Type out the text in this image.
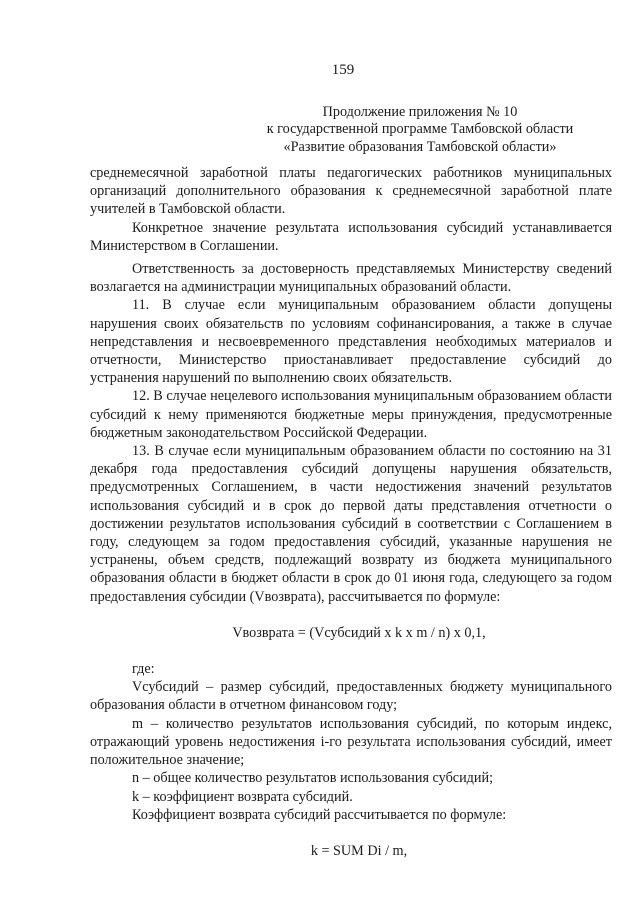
159
Продолжение приложения № 10
к государственной программе Тамбовской области
«Развитие образования Тамбовской области»

среднемесячной заработной платы педагогических работников муниципальных организаций дополнительного образования к среднемесячной заработной плате учителей в Тамбовской области.

Конкретное значение результата использования субсидий устанавливается Министерством в Соглашении.

Ответственность за достоверность представляемых Министерству сведений возлагается на администрации муниципальных образований области.

11. В случае если муниципальным образованием области допущены нарушения своих обязательств по условиям софинансирования, а также в случае непредставления и несвоевременного представления необходимых материалов и отчетности, Министерство приостанавливает предоставление субсидий до устранения нарушений по выполнению своих обязательств.

12. В случае нецелевого использования муниципальным образованием области субсидий к нему применяются бюджетные меры принуждения, предусмотренные бюджетным законодательством Российской Федерации.

13. В случае если муниципальным образованием области по состоянию на 31 декабря года предоставления субсидий допущены нарушения обязательств, предусмотренных Соглашением, в части недостижения значений результатов использования субсидий и в срок до первой даты представления отчетности о достижении результатов использования субсидий в соответствии с Соглашением в году, следующем за годом предоставления субсидий, указанные нарушения не устранены, объем средств, подлежащий возврату из бюджета муниципального образования области в бюджет области в срок до 01 июня года, следующего за годом предоставления субсидии (Vвозврата), рассчитывается по формуле:

Vвозврата = (Vсубсидий x k x m / n) x 0,1,

где:

Vсубсидий – размер субсидий, предоставленных бюджету муниципального образования области в отчетном финансовом году;

m – количество результатов использования субсидий, по которым индекс, отражающий уровень недостижения i-го результата использования субсидий, имеет положительное значение;

n – общее количество результатов использования субсидий;

k – коэффициент возврата субсидий.

Коэффициент возврата субсидий рассчитывается по формуле:

k = SUM Di / m,
